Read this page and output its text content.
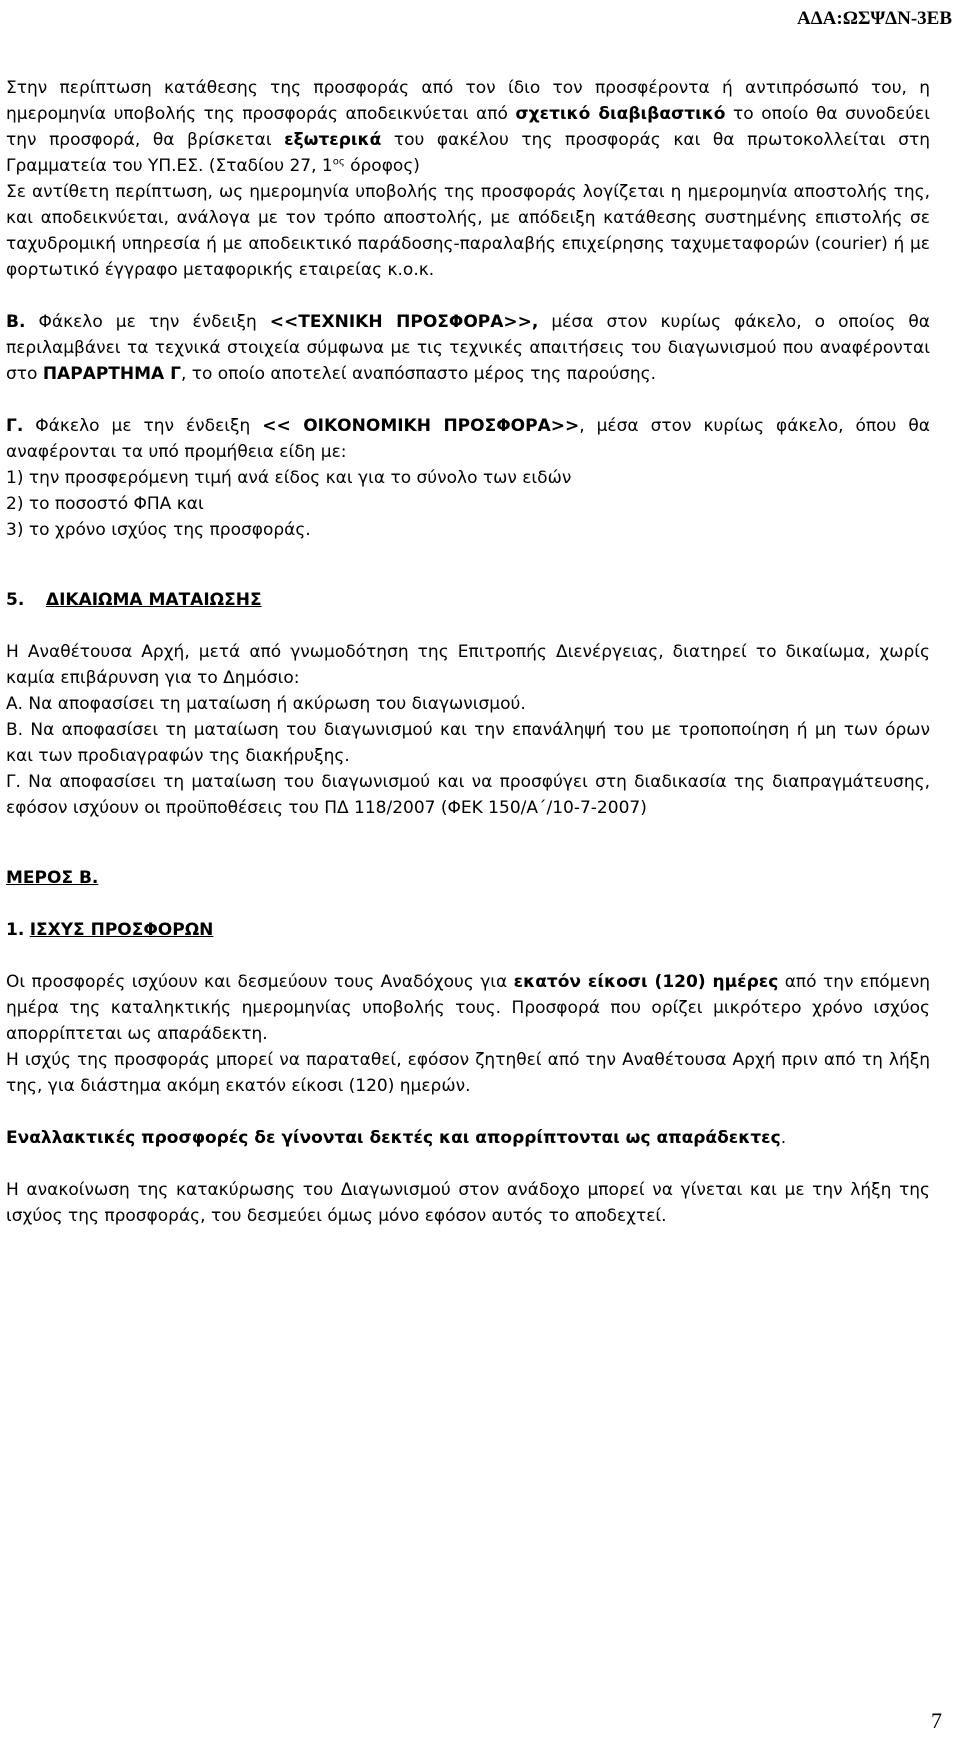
ΑΔΑ:ΩΣΨΔΝ-3ΕΒ

Στην περίπτωση κατάθεσης της προσφοράς από τον ίδιο τον προσφέροντα ή αντιπρόσωπό του, η ημερομηνία υποβολής της προσφοράς αποδεικνύεται από σχετικό διαβιβαστικό το οποίο θα συνοδεύει την προσφορά, θα βρίσκεται εξωτερικά του φακέλου της προσφοράς και θα πρωτοκολλείται στη Γραμματεία του ΥΠ.ΕΣ. (Σταδίου 27, $1^{o\varsigma}$ όροφος)

Σε αντίθετη περίπτωση, ως ημερομηνία υποβολής της προσφοράς λογίζεται η ημερομηνία αποστολής της, και αποδεικνύεται, ανάλογα με τον τρόπο αποστολής, με απόδειξη κατάθεσης συστημένης επιστολής σε ταχυδρομική υπηρεσία ή με αποδεικτικό παράδοσης-παραλαβής επιχείρησης ταχυμεταφορών (courier) ή με φορτωτικό έγγραφο μεταφορικής εταιρείας κ.ο.κ.

Β. Φάκελο με την ένδειξη <<ΤΕΧΝΙΚΗ ΠΡΟΣΦΟΡΑ>>, μέσα στον κυρίως φάκελο, ο οποίος θα περιλαμβάνει τα τεχνικά στοιχεία σύμφωνα με τις τεχνικές απαιτήσεις του διαγωνισμού που αναφέρονται στο ΠΑΡΑΡΤΗΜΑ Γ, το οποίο αποτελεί αναπόσπαστο μέρος της παρούσης.

Γ. Φάκελο με την ένδειξη << ΟΙΚΟΝΟΜΙΚΗ ΠΡΟΣΦΟΡΑ>>, μέσα στον κυρίως φάκελο, όπου θα αναφέρονται τα υπό προμήθεια είδη με:

1) την προσφερόμενη τιμή ανά είδος και για το σύνολο των ειδών

2) το ποσοστό ΦΠΑ και

3) το χρόνο ισχύος της προσφοράς.

5. ΔΙΚΑΙΩΜΑ ΜΑΤΑΙΩΣΗΣ

Η Αναθέτουσα Αρχή, μετά από γνωμοδότηση της Επιτροπής Διενέργειας, διατηρεί το δικαίωμα, χωρίς καμία επιβάρυνση για το Δημόσιο:

Α. Να αποφασίσει τη ματαίωση ή ακύρωση του διαγωνισμού.

Β. Να αποφασίσει τη ματαίωση του διαγωνισμού και την επανάληψή του με τροποποίηση ή μη των όρων και των προδιαγραφών της διακήρυξης.

Γ. Να αποφασίσει τη ματαίωση του διαγωνισμού και να προσφύγει στη διαδικασία της διαπραγμάτευσης, εφόσον ισχύουν οι προϋποθέσεις του ΠΔ 118/2007 (ΦΕΚ 150/Α΄/10-7-2007)

ΜΕΡΟΣ Β.

1. ΙΣΧΥΣ ΠΡΟΣΦΟΡΩΝ

Οι προσφορές ισχύουν και δεσμεύουν τους Αναδόχους για εκατόν είκοσι (120) ημέρες από την επόμενη ημέρα της καταληκτικής ημερομηνίας υποβολής τους. Προσφορά που ορίζει μικρότερο χρόνο ισχύος απορρίπτεται ως απαράδεκτη.

Η ισχύς της προσφοράς μπορεί να παραταθεί, εφόσον ζητηθεί από την Αναθέτουσα Αρχή πριν από τη λήξη της, για διάστημα ακόμη εκατόν είκοσι (120) ημερών.

Εναλλακτικές προσφορές δε γίνονται δεκτές και απορρίπτονται ως απαράδεκτες.

Η ανακοίνωση της κατακύρωσης του Διαγωνισμού στον ανάδοχο μπορεί να γίνεται και με την λήξη της ισχύος της προσφοράς, του δεσμεύει όμως μόνο εφόσον αυτός το αποδεχτεί.

7
